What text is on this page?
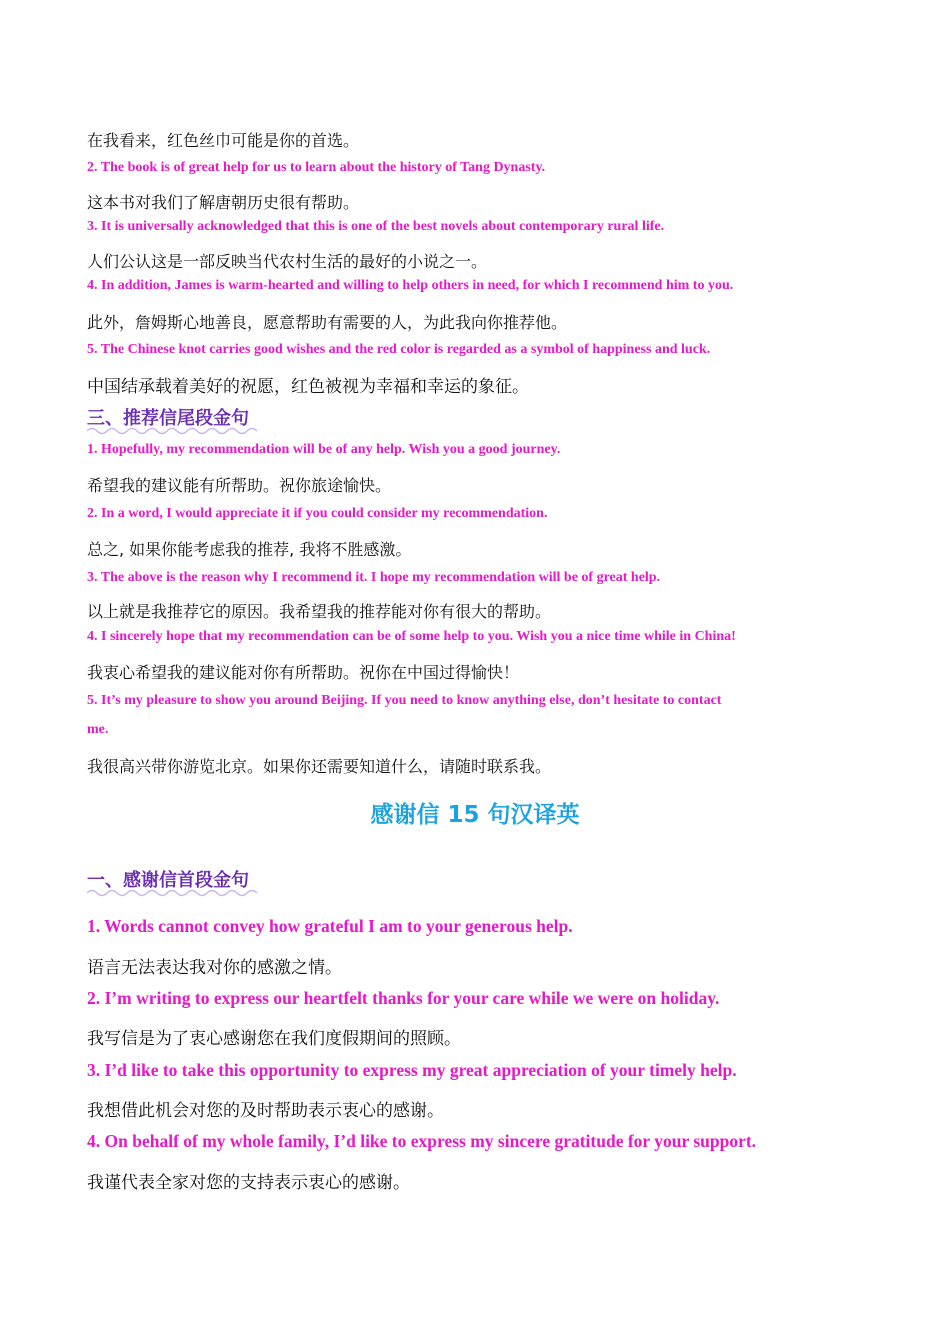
在我看来，红色丝巾可能是你的首选。
2. The book is of great help for us to learn about the history of Tang Dynasty.
这本书对我们了解唐朝历史很有帮助。
3. It is universally acknowledged that this is one of the best novels about contemporary rural life.
人们公认这是一部反映当代农村生活的最好的小说之一。
4. In addition, James is warm-hearted and willing to help others in need, for which I recommend him to you.
此外，詹姆斯心地善良，愿意帮助有需要的人，为此我向你推荐他。
5. The Chinese knot carries good wishes and the red color is regarded as a symbol of happiness and luck.
中国结承载着美好的祝愿，红色被视为幸福和幸运的象征。
三、推荐信尾段金句
1. Hopefully, my recommendation will be of any help. Wish you a good journey.
希望我的建议能有所帮助。祝你旅途愉快。
2. In a word, I would appreciate it if you could consider my recommendation.
总之, 如果你能考虑我的推荐, 我将不胜感激。
3. The above is the reason why I recommend it. I hope my recommendation will be of great help.
以上就是我推荐它的原因。我希望我的推荐能对你有很大的帮助。
4. I sincerely hope that my recommendation can be of some help to you. Wish you a nice time while in China!
我衷心希望我的建议能对你有所帮助。祝你在中国过得愉快！
5. It’s my pleasure to show you around Beijing. If you need to know anything else, don’t hesitate to contact
me.
我很高兴带你游览北京。如果你还需要知道什么，请随时联系我。
感谢信 15 句汉译英
一、感谢信首段金句
1. Words cannot convey how grateful I am to your generous help.
语言无法表达我对你的感激之情。
2. I’m writing to express our heartfelt thanks for your care while we were on holiday.
我写信是为了衷心感谢您在我们度假期间的照顾。
3. I’d like to take this opportunity to express my great appreciation of your timely help.
我想借此机会对您的及时帮助表示衷心的感谢。
4. On behalf of my whole family, I’d like to express my sincere gratitude for your support.
我谨代表全家对您的支持表示衷心的感谢。
